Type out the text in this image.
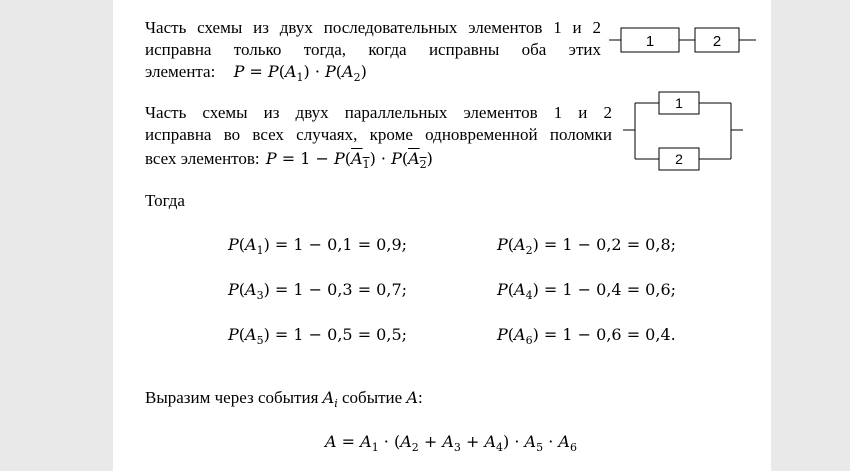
Часть схемы из двух последовательных элементов 1 и 2
исправна только тогда, когда исправны оба этих
элемента: $P = P(A_1) \cdot P(A_2)$
1	2
Часть схемы из двух параллельных элементов 1 и 2
исправна во всех случаях, кроме одновременной поломки
всех элементов: $P = 1 - P(A_1) \cdot P(A_2)$
1
2
Тогда
$P(A_1) = 1 - 0,1 = 0,9$;	$P(A_2) = 1 - 0,2 = 0,8$;
$P(A_3) = 1 - 0,3 = 0,7$;	$P(A_4) = 1 - 0,4 = 0,6$;
$P(A_5) = 1 - 0,5 = 0,5$;	$P(A_6) = 1 - 0,6 = 0,4$.
Выразим через события $A_i$ событие A:
$A = A_1 \cdot (A_2 + A_3 + A_4) \cdot A_5 \cdot A_6$
